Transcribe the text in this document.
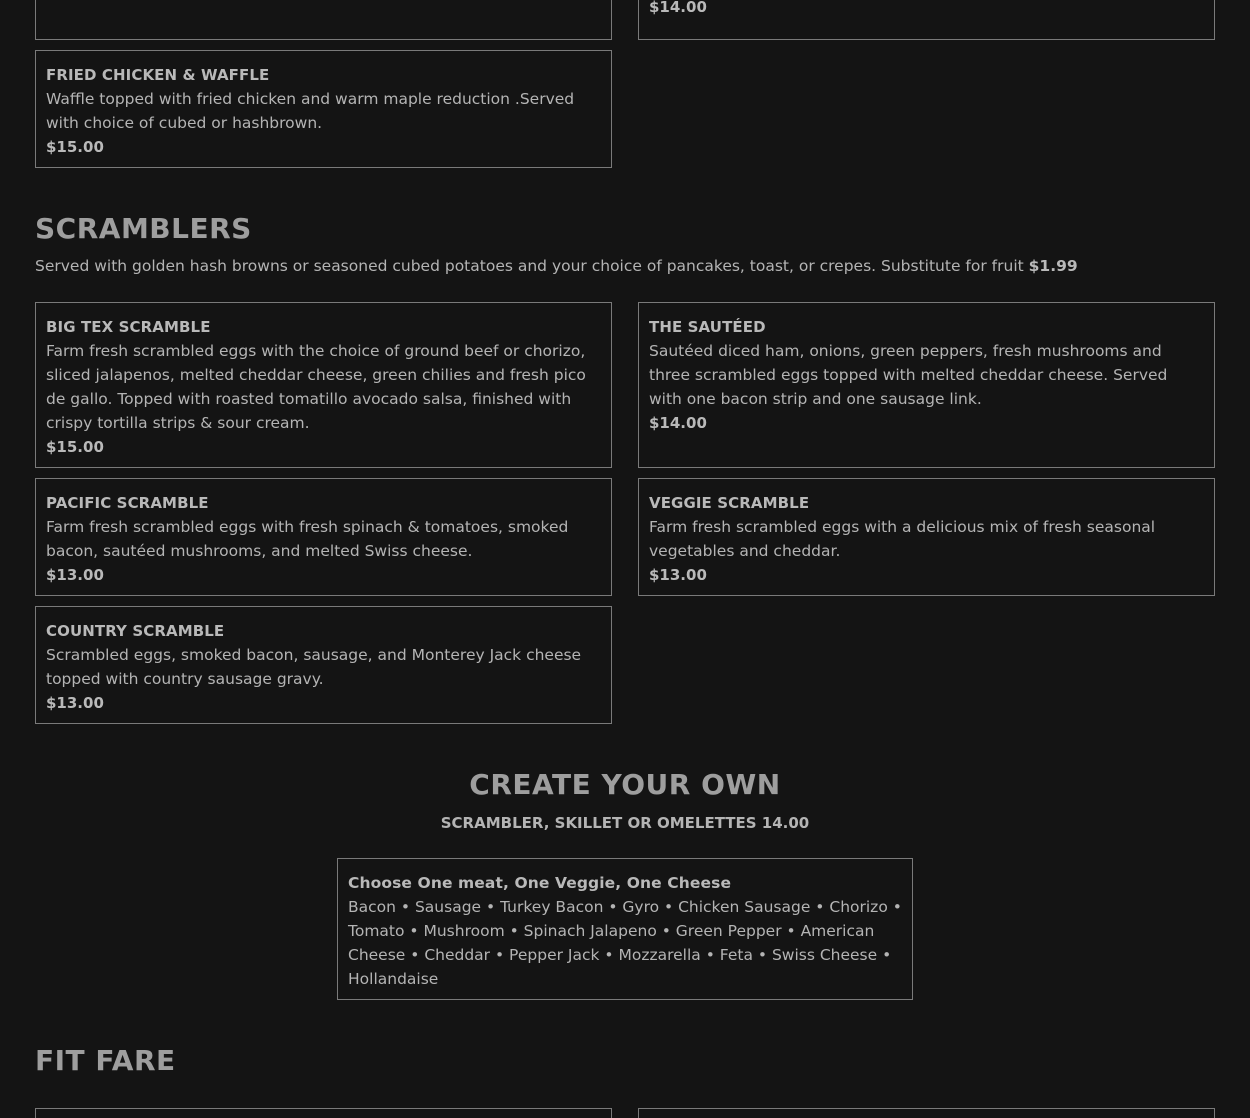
$14.00
FRIED CHICKEN & WAFFLE
Waffle topped with fried chicken and warm maple reduction .Served with choice of cubed or hashbrown.
$15.00
SCRAMBLERS
Served with golden hash browns or seasoned cubed potatoes and your choice of pancakes, toast, or crepes. Substitute for fruit $1.99
BIG TEX SCRAMBLE
Farm fresh scrambled eggs with the choice of ground beef or chorizo, sliced jalapenos, melted cheddar cheese, green chilies and fresh pico de gallo. Topped with roasted tomatillo avocado salsa, finished with crispy tortilla strips & sour cream.
$15.00
THE SAUTÉED
Sautéed diced ham, onions, green peppers, fresh mushrooms and three scrambled eggs topped with melted cheddar cheese. Served with one bacon strip and one sausage link.
$14.00
PACIFIC SCRAMBLE
Farm fresh scrambled eggs with fresh spinach & tomatoes, smoked bacon, sautéed mushrooms, and melted Swiss cheese.
$13.00
VEGGIE SCRAMBLE
Farm fresh scrambled eggs with a delicious mix of fresh seasonal vegetables and cheddar.
$13.00
COUNTRY SCRAMBLE
Scrambled eggs, smoked bacon, sausage, and Monterey Jack cheese topped with country sausage gravy.
$13.00
CREATE YOUR OWN
SCRAMBLER, SKILLET OR OMELETTES 14.00
Choose One meat, One Veggie, One Cheese
Bacon • Sausage • Turkey Bacon • Gyro • Chicken Sausage • Chorizo • Tomato • Mushroom • Spinach Jalapeno • Green Pepper • American Cheese • Cheddar • Pepper Jack • Mozzarella • Feta • Swiss Cheese • Hollandaise
FIT FARE
